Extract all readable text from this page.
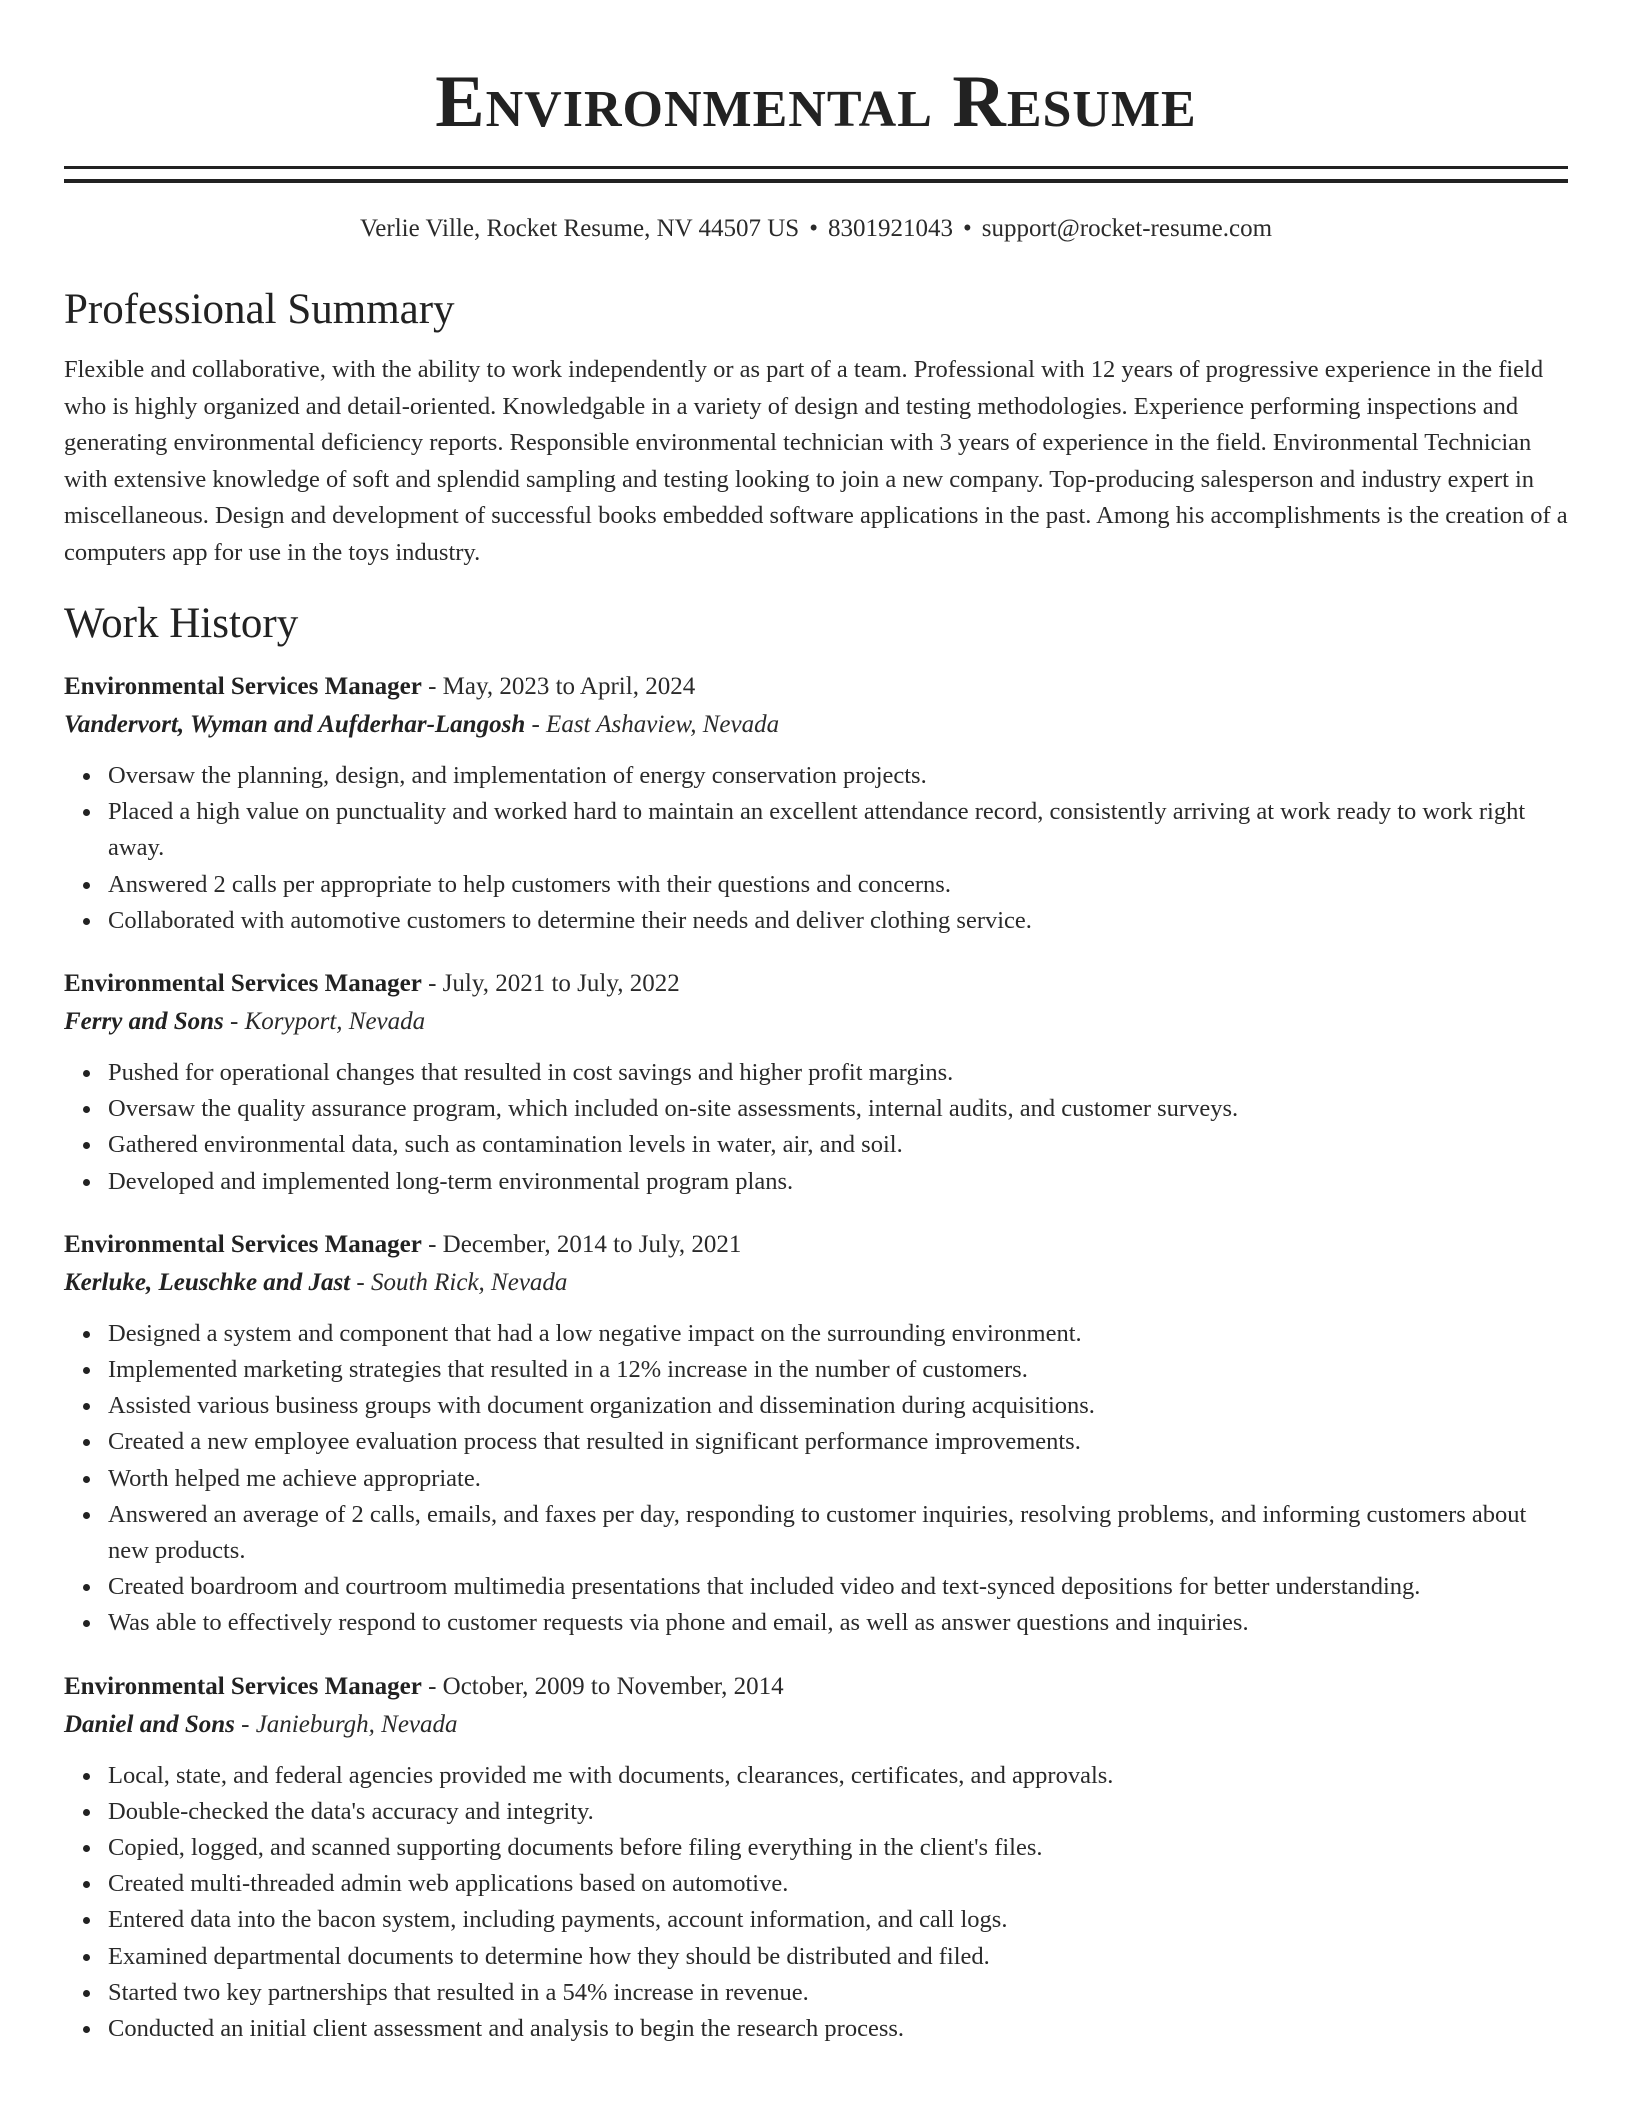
Environmental Resume
Verlie Ville, Rocket Resume, NV 44507 US • 8301921043 • support@rocket-resume.com
Professional Summary

Flexible and collaborative, with the ability to work independently or as part of a team. Professional with 12 years of progressive experience in the field who is highly organized and detail-oriented. Knowledgable in a variety of design and testing methodologies. Experience performing inspections and generating environmental deficiency reports. Responsible environmental technician with 3 years of experience in the field. Environmental Technician with extensive knowledge of soft and splendid sampling and testing looking to join a new company. Top-producing salesperson and industry expert in miscellaneous. Design and development of successful books embedded software applications in the past. Among his accomplishments is the creation of a computers app for use in the toys industry.

Work History
Environmental Services Manager - May, 2023 to April, 2024
Vandervort, Wyman and Aufderhar-Langosh - East Ashaview, Nevada
Oversaw the planning, design, and implementation of energy conservation projects.
Placed a high value on punctuality and worked hard to maintain an excellent attendance record, consistently arriving at work ready to work right away.
Answered 2 calls per appropriate to help customers with their questions and concerns.
Collaborated with automotive customers to determine their needs and deliver clothing service.
Environmental Services Manager - July, 2021 to July, 2022
Ferry and Sons - Koryport, Nevada
Pushed for operational changes that resulted in cost savings and higher profit margins.
Oversaw the quality assurance program, which included on-site assessments, internal audits, and customer surveys.
Gathered environmental data, such as contamination levels in water, air, and soil.
Developed and implemented long-term environmental program plans.
Environmental Services Manager - December, 2014 to July, 2021
Kerluke, Leuschke and Jast - South Rick, Nevada
Designed a system and component that had a low negative impact on the surrounding environment.
Implemented marketing strategies that resulted in a 12% increase in the number of customers.
Assisted various business groups with document organization and dissemination during acquisitions.
Created a new employee evaluation process that resulted in significant performance improvements.
Worth helped me achieve appropriate.
Answered an average of 2 calls, emails, and faxes per day, responding to customer inquiries, resolving problems, and informing customers about new products.
Created boardroom and courtroom multimedia presentations that included video and text-synced depositions for better understanding.
Was able to effectively respond to customer requests via phone and email, as well as answer questions and inquiries.
Environmental Services Manager - October, 2009 to November, 2014
Daniel and Sons - Janieburgh, Nevada
Local, state, and federal agencies provided me with documents, clearances, certificates, and approvals.
Double-checked the data's accuracy and integrity.
Copied, logged, and scanned supporting documents before filing everything in the client's files.
Created multi-threaded admin web applications based on automotive.
Entered data into the bacon system, including payments, account information, and call logs.
Examined departmental documents to determine how they should be distributed and filed.
Started two key partnerships that resulted in a 54% increase in revenue.
Conducted an initial client assessment and analysis to begin the research process.
